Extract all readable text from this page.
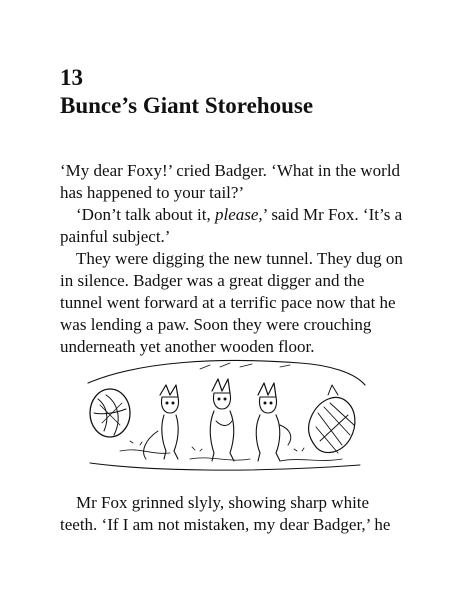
13
Bunce’s Giant Storehouse
‘My dear Foxy!’ cried Badger. ‘What in the world
has happened to your tail?’
‘Don’t talk about it, please,’ said Mr Fox. ‘It’s a
painful subject.’
They were digging the new tunnel. They dug on
in silence. Badger was a great digger and the
tunnel went forward at a terrific pace now that he
was lending a paw. Soon they were crouching
underneath yet another wooden floor.
Mr Fox grinned slyly, showing sharp white
teeth. ‘If I am not mistaken, my dear Badger,’ he
